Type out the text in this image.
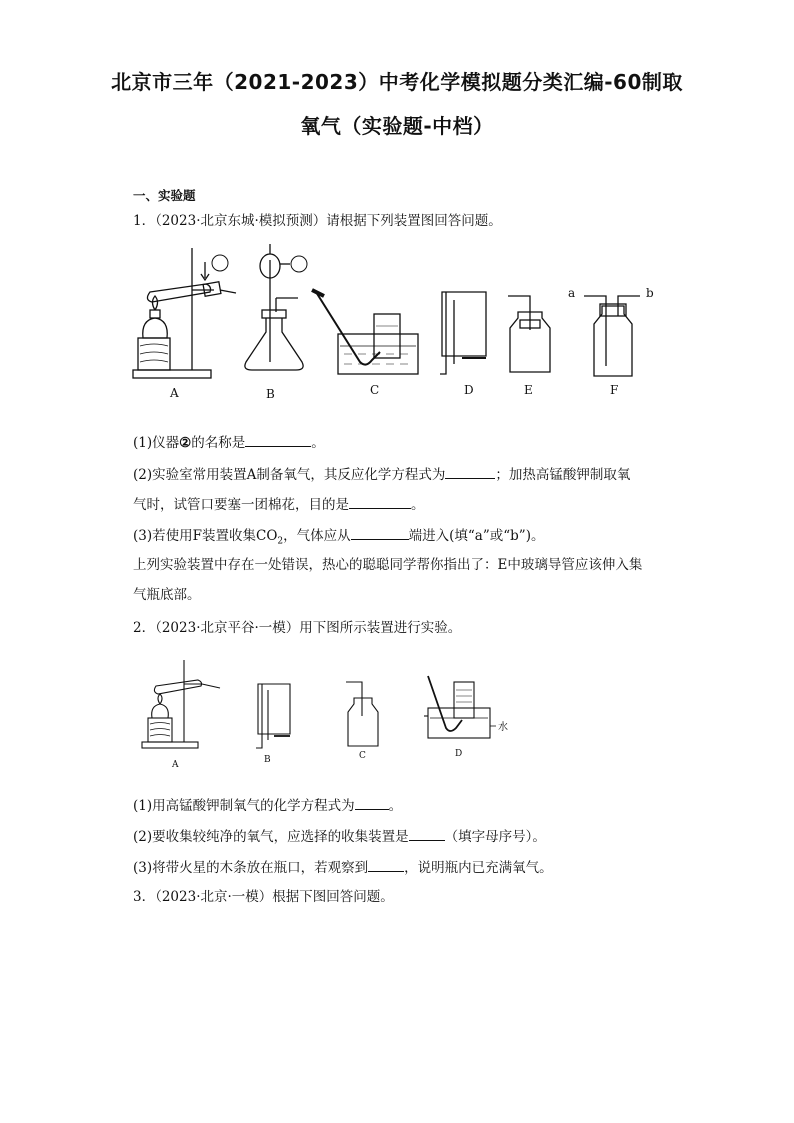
北京市三年（2021-2023）中考化学模拟题分类汇编-60制取
氧气（实验题-中档）

一、实验题

1．（2023·北京东城·模拟预测）请根据下列装置图回答问题。

a	b
A	B	C	D	E	F

(1)仪器②的名称是	。

(2)实验室常用装置A制备氧气，其反应化学方程式为	；加热高锰酸钾制取氧

气时，试管口要塞一团棉花，目的是	。

(3)若使用F装置收集$CO_2$，气体应从	端进入(填“a”或“b”)。

上列实验装置中存在一处错误，热心的聪聪同学帮你指出了：E中玻璃导管应该伸入集

气瓶底部。

2．（2023·北京平谷·一模）用下图所示装置进行实验。

水
A	B	C	D

(1)用高锰酸钾制氧气的化学方程式为	。

(2)要收集较纯净的氧气，应选择的收集装置是	（填字母序号）。

(3)将带火星的木条放在瓶口，若观察到	，说明瓶内已充满氧气。

3．（2023·北京·一模）根据下图回答问题。
